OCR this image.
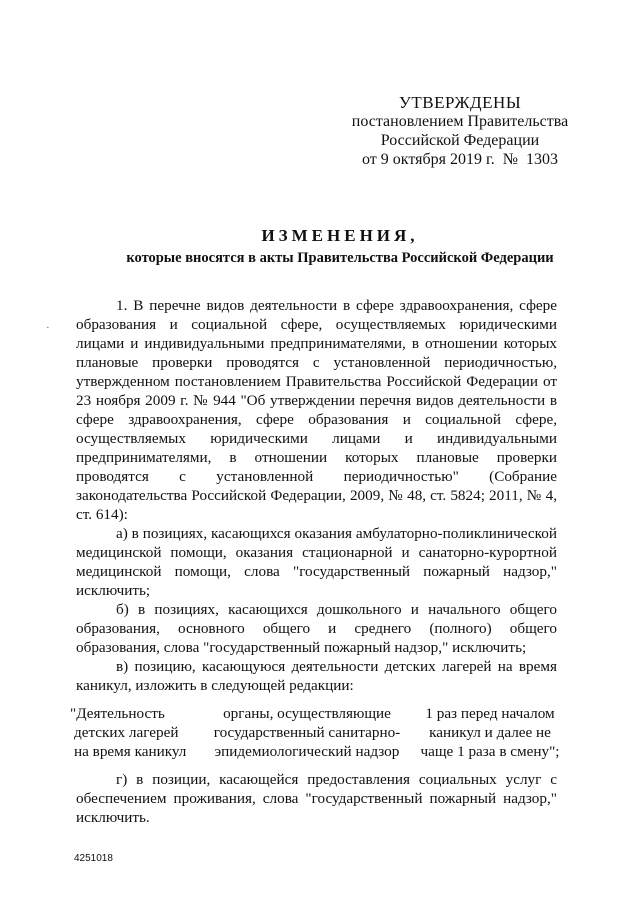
УТВЕРЖДЕНЫ
постановлением Правительства
Российской Федерации
от 9 октября 2019 г.  №  1303
ИЗМЕНЕНИЯ,
которые вносятся в акты Правительства Российской Федерации
·

1. В перечне видов деятельности в сфере здравоохранения, сфере образования и социальной сфере, осуществляемых юридическими лицами и индивидуальными предпринимателями, в отношении которых плановые проверки проводятся с установленной периодичностью, утвержденном постановлением Правительства Российской Федерации от 23 ноября 2009 г. № 944 "Об утверждении перечня видов деятельности в сфере здравоохранения, сфере образования и социальной сфере, осуществляемых юридическими лицами и индивидуальными предпринимателями, в отношении которых плановые проверки проводятся с установленной периодичностью" (Собрание законодательства Российской Федерации, 2009, № 48, ст. 5824; 2011, № 4, ст. 614):

а) в позициях, касающихся оказания амбулаторно-поликлинической медицинской помощи, оказания стационарной и санаторно-курортной медицинской помощи, слова "государственный пожарный надзор," исключить;

б) в позициях, касающихся дошкольного и начального общего образования, основного общего и среднего (полного) общего образования, слова "государственный пожарный надзор," исключить;

в) позицию, касающуюся деятельности детских лагерей на время каникул, изложить в следующей редакции:

"Деятельность
детских лагерей
на время каникул
органы, осуществляющие
государственный санитарно-
эпидемиологический надзор
1 раз перед началом
каникул и далее не
чаще 1 раза в смену";

г) в позиции, касающейся предоставления социальных услуг с обеспечением проживания, слова "государственный пожарный надзор," исключить.

4251018
